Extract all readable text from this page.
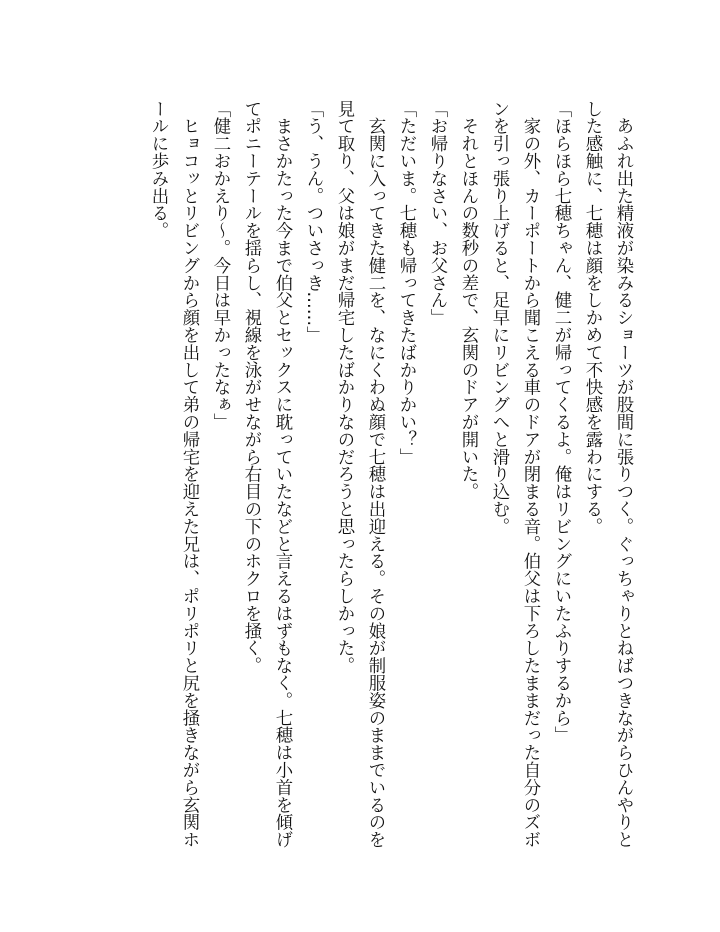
　あふれ出た精液が染みるショーツが股間に張りつく。ぐっちゃりとねばつきながらひんやりと
した感触に、七穂は顔をしかめて不快感を露わにする。
「ほらほら七穂ちゃん、健二が帰ってくるよ。俺はリビングにいたふりするから」
　家の外、カーポートから聞こえる車のドアが閉まる音。伯父は下ろしたままだった自分のズボ
ンを引っ張り上げると、足早にリビングへと滑り込む。
　それとほんの数秒の差で、玄関のドアが開いた。
「お帰りなさい、お父さん」
「ただいま。七穂も帰ってきたばかりかい？」
　玄関に入ってきた健二を、なにくわぬ顔で七穂は出迎える。その娘が制服姿のままでいるのを
見て取り、父は娘がまだ帰宅したばかりなのだろうと思ったらしかった。
「う、うん。ついさっき……」
　まさかたった今まで伯父とセックスに耽っていたなどと言えるはずもなく。七穂は小首を傾げ
てポニーテールを揺らし、視線を泳がせながら右目の下のホクロを掻く。
「健二おかえり〜。今日は早かったなぁ」
　ヒョコッとリビングから顔を出して弟の帰宅を迎えた兄は、ポリポリと尻を掻きながら玄関ホ
ールに歩み出る。
